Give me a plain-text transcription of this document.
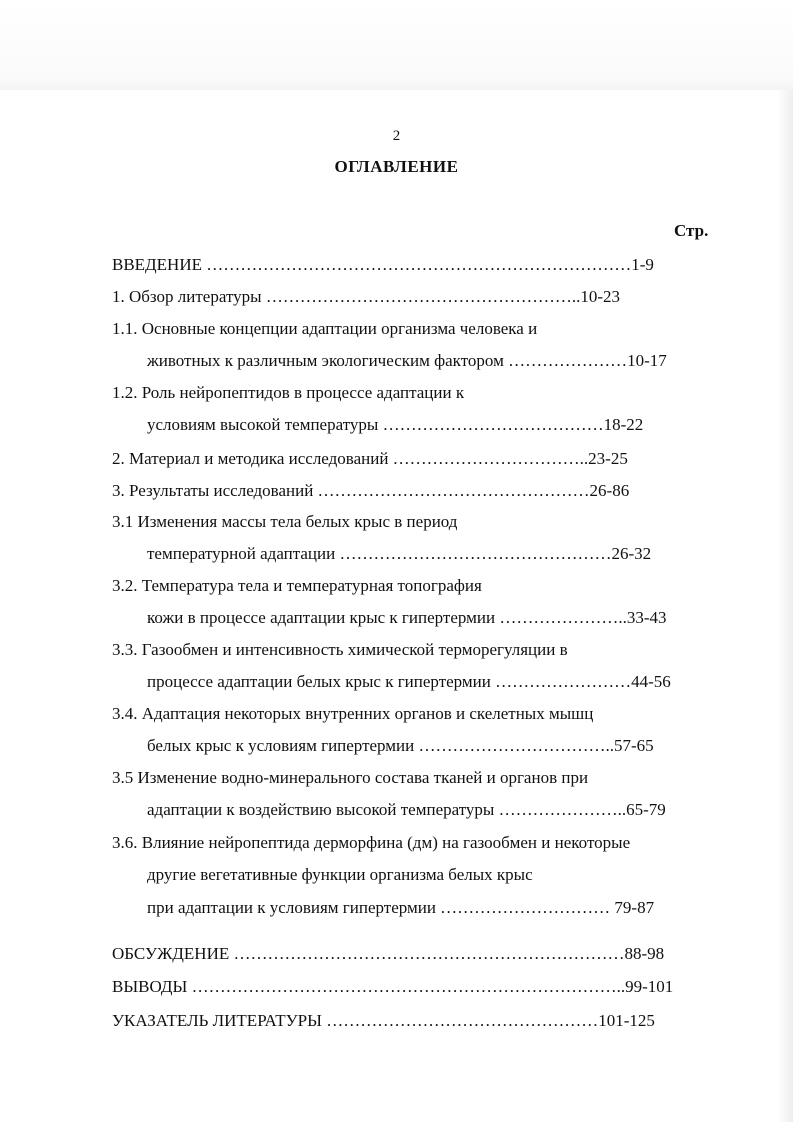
2
ОГЛАВЛЕНИЕ
Стр.
ВВЕДЕНИЕ …………………………………………………………………1-9
1. Обзор литературы ………………………………………………..10-23
1.1. Основные концепции адаптации организма человека и
животных к различным экологическим фактором …………………10-17
1.2. Роль нейропептидов в процессе адаптации к
условиям высокой температуры …………………………………18-22
2. Материал и методика исследований ……………………………..23-25
3. Результаты исследований …………………………………………26-86
3.1 Изменения массы тела белых крыс в период
температурной адаптации …………………………………………26-32
3.2. Температура тела и температурная топография
кожи в процессе адаптации крыс к гипертермии …………………..33-43
3.3. Газообмен и интенсивность химической терморегуляции в
процессе адаптации белых крыс к гипертермии ……………………44-56
3.4. Адаптация некоторых внутренних органов и скелетных мышц
белых крыс к условиям гипертермии ……………………………..57-65
3.5 Изменение водно-минерального состава тканей и органов при
адаптации к воздействию высокой температуры …………………..65-79
3.6. Влияние нейропептида дерморфина (дм) на газообмен и некоторые
другие вегетативные функции организма белых крыс
при адаптации к условиям гипертермии ………………………… 79-87
ОБСУЖДЕНИЕ ……………………………………………………………88-98
ВЫВОДЫ …………………………………………………………………..99-101
УКАЗАТЕЛЬ ЛИТЕРАТУРЫ …………………………………………101-125
